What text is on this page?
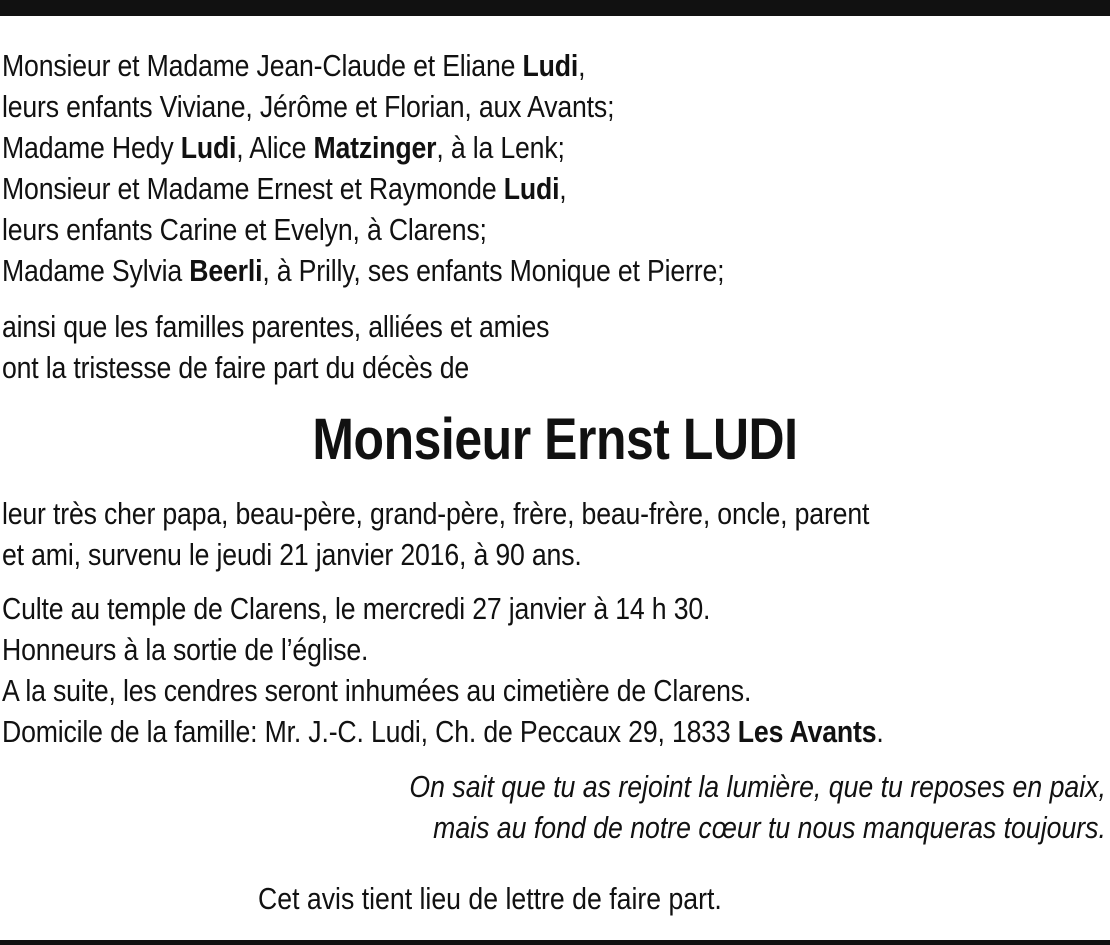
Monsieur et Madame Jean-Claude et Eliane Ludi,
leurs enfants Viviane, Jérôme et Florian, aux Avants;
Madame Hedy Ludi, Alice Matzinger, à la Lenk;
Monsieur et Madame Ernest et Raymonde Ludi,
leurs enfants Carine et Evelyn, à Clarens;
Madame Sylvia Beerli, à Prilly, ses enfants Monique et Pierre;
ainsi que les familles parentes, alliées et amies
ont la tristesse de faire part du décès de
Monsieur Ernst LUDI
leur très cher papa, beau-père, grand-père, frère, beau-frère, oncle, parent
et ami, survenu le jeudi 21 janvier 2016, à 90 ans.
Culte au temple de Clarens, le mercredi 27 janvier à 14 h 30.
Honneurs à la sortie de l’église.
A la suite, les cendres seront inhumées au cimetière de Clarens.
Domicile de la famille: Mr. J.-C. Ludi, Ch. de Peccaux 29, 1833 Les Avants.
On sait que tu as rejoint la lumière, que tu reposes en paix,
mais au fond de notre cœur tu nous manqueras toujours.
Cet avis tient lieu de lettre de faire part.
